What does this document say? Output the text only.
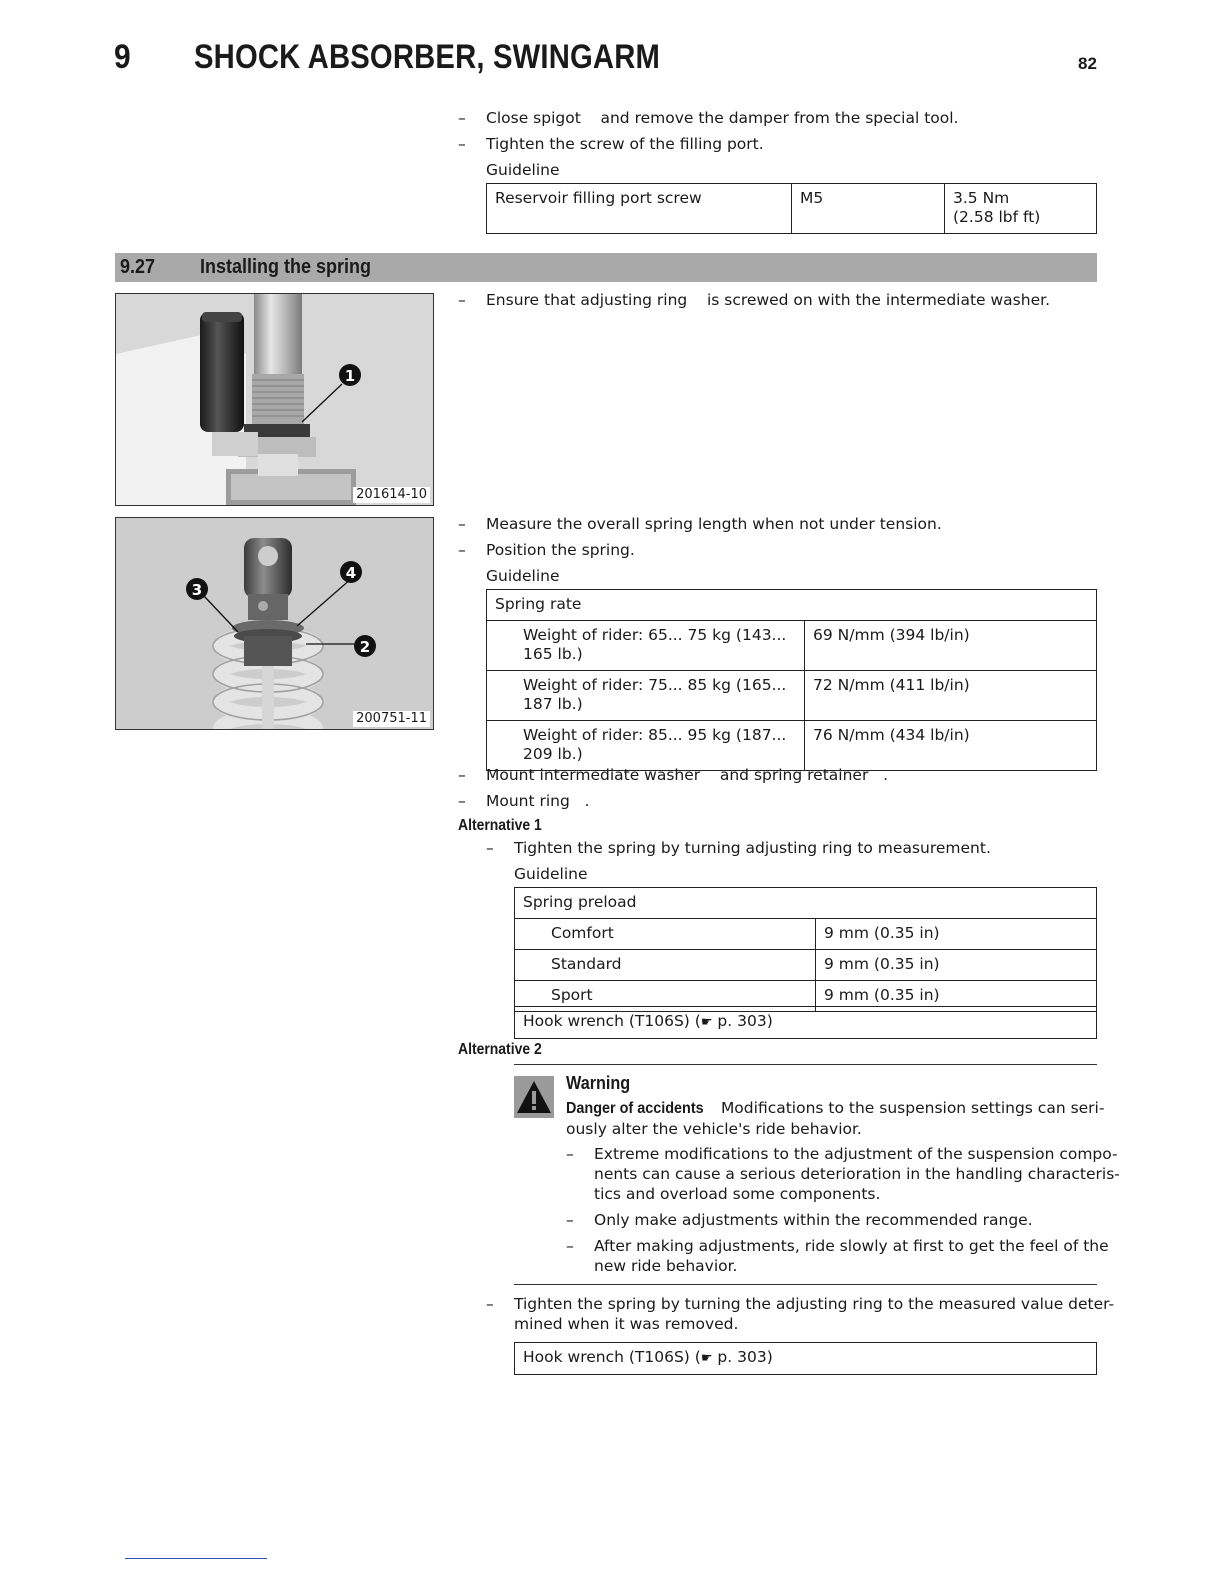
9 SHOCK ABSORBER, SWINGARM	82
– Close spigot    and remove the damper from the special tool.
– Tighten the screw of the filling port.
Guideline
Reservoir filling port screw	M5	3.5 Nm
(2.58 lbf ft)
9.27 Installing the spring
1
201614-10
4
2
3
200751-11
– Ensure that adjusting ring    is screwed on with the intermediate washer.
– Measure the overall spring length when not under tension.
– Position the spring.
Guideline
Spring rate	

Weight of rider: 65... 75 kg (143...
165 lb.)	69 N/mm (394 lb/in)

Weight of rider: 75... 85 kg (165...
187 lb.)	72 N/mm (411 lb/in)

Weight of rider: 85... 95 kg (187...
209 lb.)	76 N/mm (434 lb/in)
– Mount intermediate washer    and spring retainer   .
– Mount ring   .
Alternative 1
– Tighten the spring by turning adjusting ring to measurement.
Guideline
Spring preload	
Comfort	9 mm (0.35 in)
Standard	9 mm (0.35 in)
Sport	9 mm (0.35 in)
Hook wrench (T106S) (☛ p. 303)
Alternative 2
Warning
Danger of accidents Modifications to the suspension settings can seri-
ously alter the vehicle's ride behavior.
– Extreme modifications to the adjustment of the suspension compo-
nents can cause a serious deterioration in the handling characteris-
tics and overload some components.
– Only make adjustments within the recommended range.
– After making adjustments, ride slowly at first to get the feel of the
new ride behavior.
– Tighten the spring by turning the adjusting ring to the measured value deter-
mined when it was removed.
Hook wrench (T106S) (☛ p. 303)
